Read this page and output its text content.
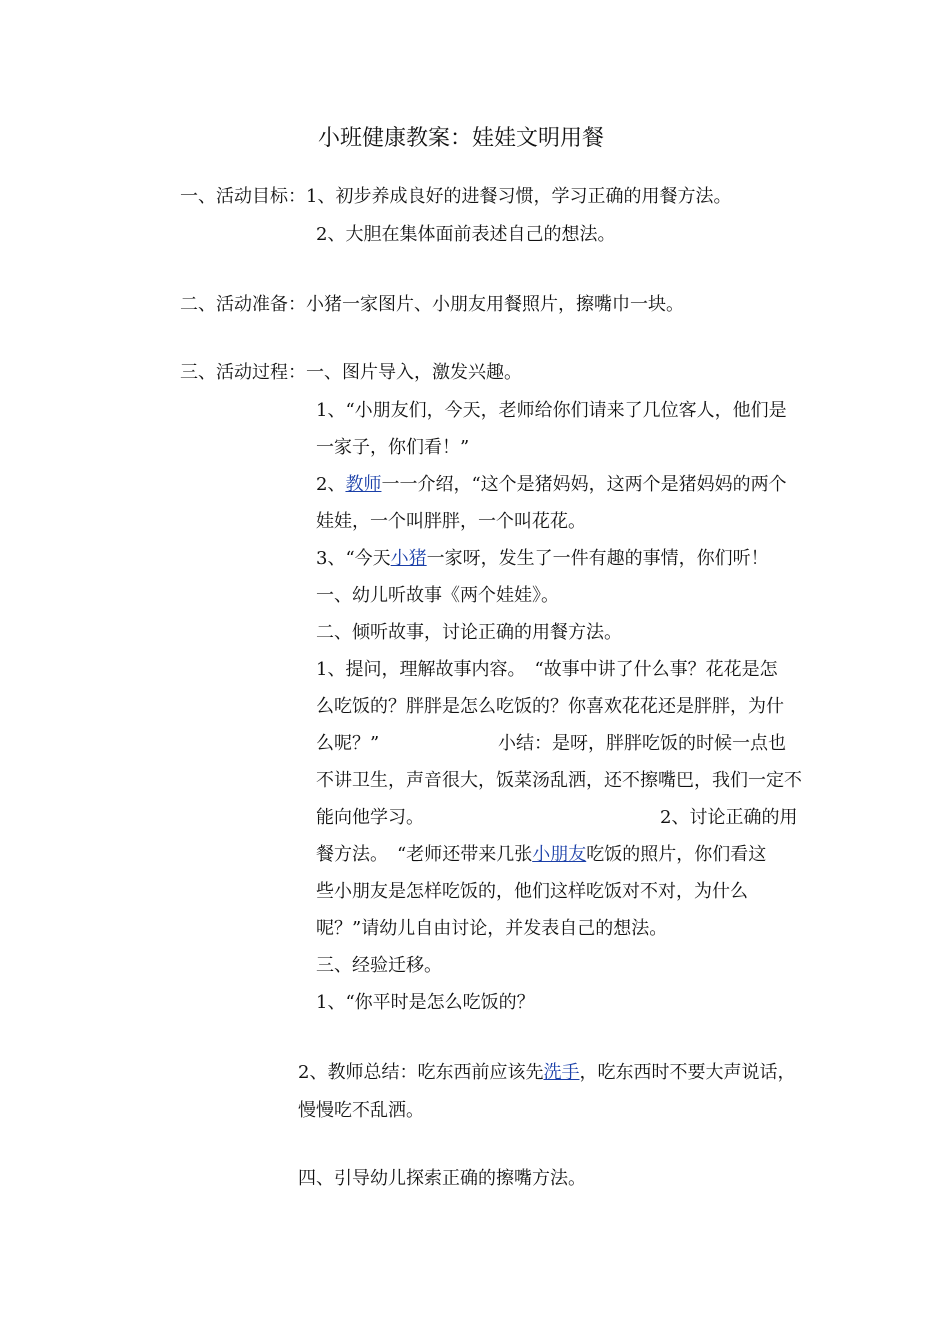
小班健康教案：娃娃文明用餐
一、活动目标：1、初步养成良好的进餐习惯，学习正确的用餐方法。
2、大胆在集体面前表述自己的想法。
二、活动准备：小猪一家图片、小朋友用餐照片，擦嘴巾一块。
三、活动过程：一、图片导入，激发兴趣。
1、“小朋友们，今天，老师给你们请来了几位客人，他们是
一家子，你们看！”
2、教师一一介绍，“这个是猪妈妈，这两个是猪妈妈的两个
娃娃，一个叫胖胖，一个叫花花。
3、“今天小猪一家呀，发生了一件有趣的事情，你们听！
一、幼儿听故事《两个娃娃》。
二、倾听故事，讨论正确的用餐方法。
1、提问，理解故事内容。　“故事中讲了什么事？花花是怎
么吃饭的？胖胖是怎么吃饭的？你喜欢花花还是胖胖，为什
么呢？”	小结：是呀，胖胖吃饭的时候一点也
不讲卫生，声音很大，饭菜汤乱洒，还不擦嘴巴，我们一定不
能向他学习。	2、讨论正确的用
餐方法。　“老师还带来几张小朋友吃饭的照片，你们看这
些小朋友是怎样吃饭的，他们这样吃饭对不对，为什么
呢？”请幼儿自由讨论，并发表自己的想法。
三、经验迁移。
1、“你平时是怎么吃饭的？
2、教师总结：吃东西前应该先洗手，吃东西时不要大声说话，
慢慢吃不乱洒。
四、引导幼儿探索正确的擦嘴方法。
